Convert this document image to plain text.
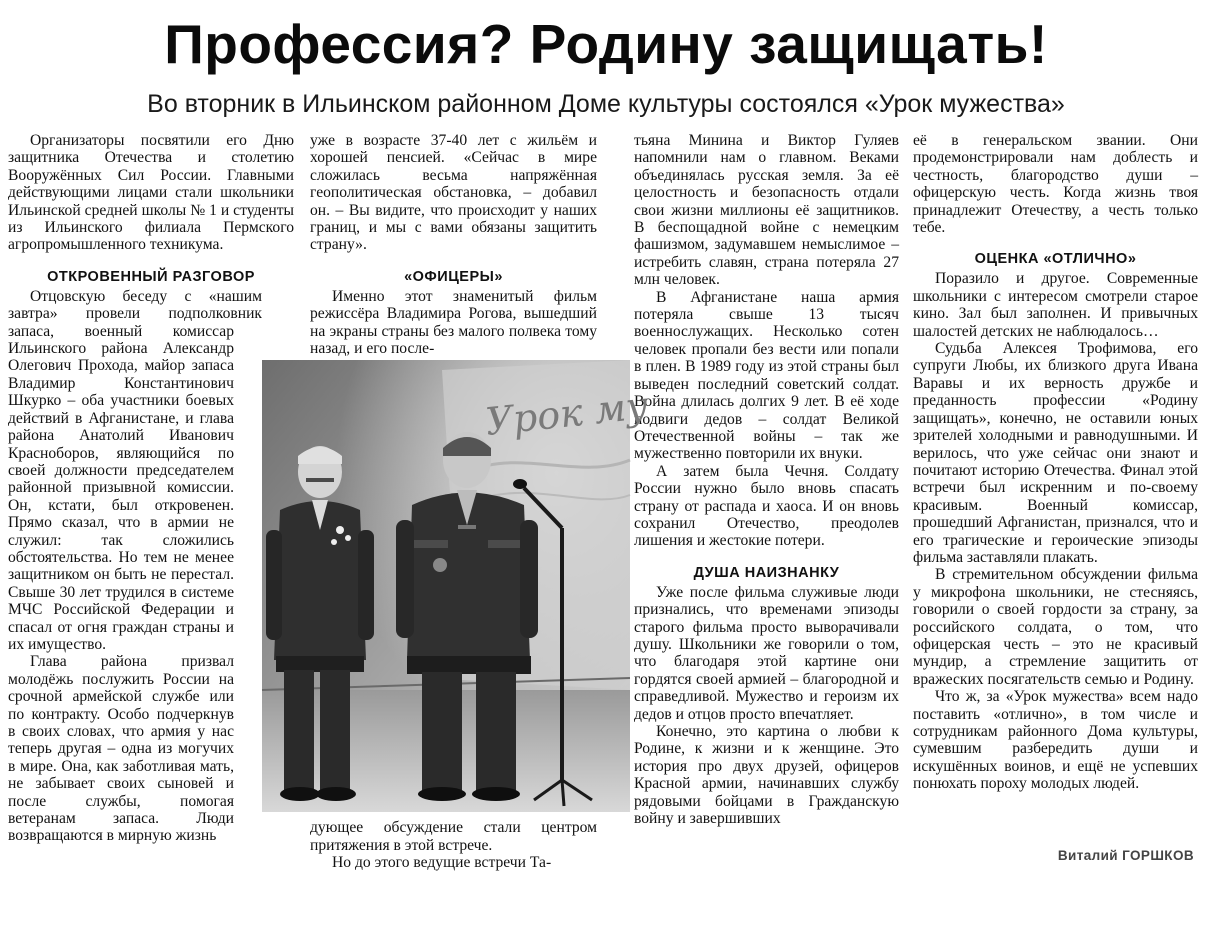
Профессия? Родину защищать!
Во вторник в Ильинском районном Доме культуры состоялся «Урок мужества»

Организаторы посвятили его Дню защитника Отечества и столетию Вооружённых Сил России. Главными действующими лицами стали школьники Ильинской средней школы № 1 и студенты из Ильинского филиала Пермского агропромышленного техникума.

ОТКРОВЕННЫЙ РАЗГОВОР

Отцовскую беседу с «нашим завтра» провели подполковник запаса, военный комиссар Ильинского района Александр Олегович Прохода, майор запаса Владимир Константинович Шкурко – оба участники боевых действий в Афганистане, и глава района Анатолий Иванович Красноборов, являющийся по своей должности председателем районной призывной комиссии. Он, кстати, был откровенен. Прямо сказал, что в армии не служил: так сложились обстоятельства. Но тем не менее защитником он быть не перестал. Свыше 30 лет трудился в системе МЧС Российской Федерации и спасал от огня граждан страны и их имущество.

Глава района призвал молодёжь послужить России на срочной армейской службе или по контракту. Особо подчеркнув в своих словах, что армия у нас теперь другая – одна из могучих в мире. Она, как заботливая мать, не забывает своих сыновей и после службы, помогая ветеранам запаса. Люди возвращаются в мирную жизнь

уже в возрасте 37-40 лет с жильём и хорошей пенсией. «Сейчас в мире сложилась весьма напряжённая геополитическая обстановка, – добавил он. – Вы видите, что происходит у наших границ, и мы с вами обязаны защитить страну».

«ОФИЦЕРЫ»

Именно этот знаменитый фильм режиссёра Владимира Рогова, вышедший на экраны страны без малого полвека тому назад, и его после-

дующее обсуждение стали центром притяжения в этой встрече.

Но до этого ведущие встречи Та-

тьяна Минина и Виктор Гуляев напомнили нам о главном. Веками объединялась русская земля. За её целостность и безопасность отдали свои жизни миллионы её защитников. В беспощадной войне с немецким фашизмом, задумавшем немыслимое – истребить славян, страна потеряла 27 млн человек.

В Афганистане наша армия потеряла свыше 13 тысяч военнослужащих. Несколько сотен человек пропали без вести или попали в плен. В 1989 году из этой страны был выведен последний советский солдат. Война длилась долгих 9 лет. В её ходе подвиги дедов – солдат Великой Отечественной войны – так же мужественно повторили их внуки.

А затем была Чечня. Солдату России нужно было вновь спасать страну от распада и хаоса. И он вновь сохранил Отечество, преодолев лишения и жестокие потери.

ДУША НАИЗНАНКУ

Уже после фильма служивые люди признались, что временами эпизоды старого фильма просто выворачивали душу. Школьники же говорили о том, что благодаря этой картине они гордятся своей армией – благородной и справедливой. Мужество и героизм их дедов и отцов просто впечатляет.

Конечно, это картина о любви к Родине, к жизни и к женщине. Это история про двух друзей, офицеров Красной армии, начинавших службу рядовыми бойцами в Гражданскую войну и завершивших

её в генеральском звании. Они продемонстрировали нам доблесть и честность, благородство души – офицерскую честь. Когда жизнь твоя принадлежит Отечеству, а честь только тебе.

ОЦЕНКА «ОТЛИЧНО»

Поразило и другое. Современные школьники с интересом смотрели старое кино. Зал был заполнен. И привычных шалостей детских не наблюдалось…

Судьба Алексея Трофимова, его супруги Любы, их близкого друга Ивана Варавы и их верность дружбе и преданность профессии «Родину защищать», конечно, не оставили юных зрителей холодными и равнодушными. И верилось, что уже сейчас они знают и почитают историю Отечества. Финал этой встречи был искренним и по-своему красивым. Военный комиссар, прошедший Афганистан, признался, что и его трагические и героические эпизоды фильма заставляли плакать.

В стремительном обсуждении фильма у микрофона школьники, не стесняясь, говорили о своей гордости за страну, за российского солдата, о том, что офицерская честь – это не красивый мундир, а стремление защитить от вражеских посягательств семью и Родину.

Что ж, за «Урок мужества» всем надо поставить «отлично», в том числе и сотрудникам районного Дома культуры, сумевшим разбередить души и искушённых воинов, и ещё не успевших понюхать пороху молодых людей.

Урок му
Виталий ГОРШКОВ
